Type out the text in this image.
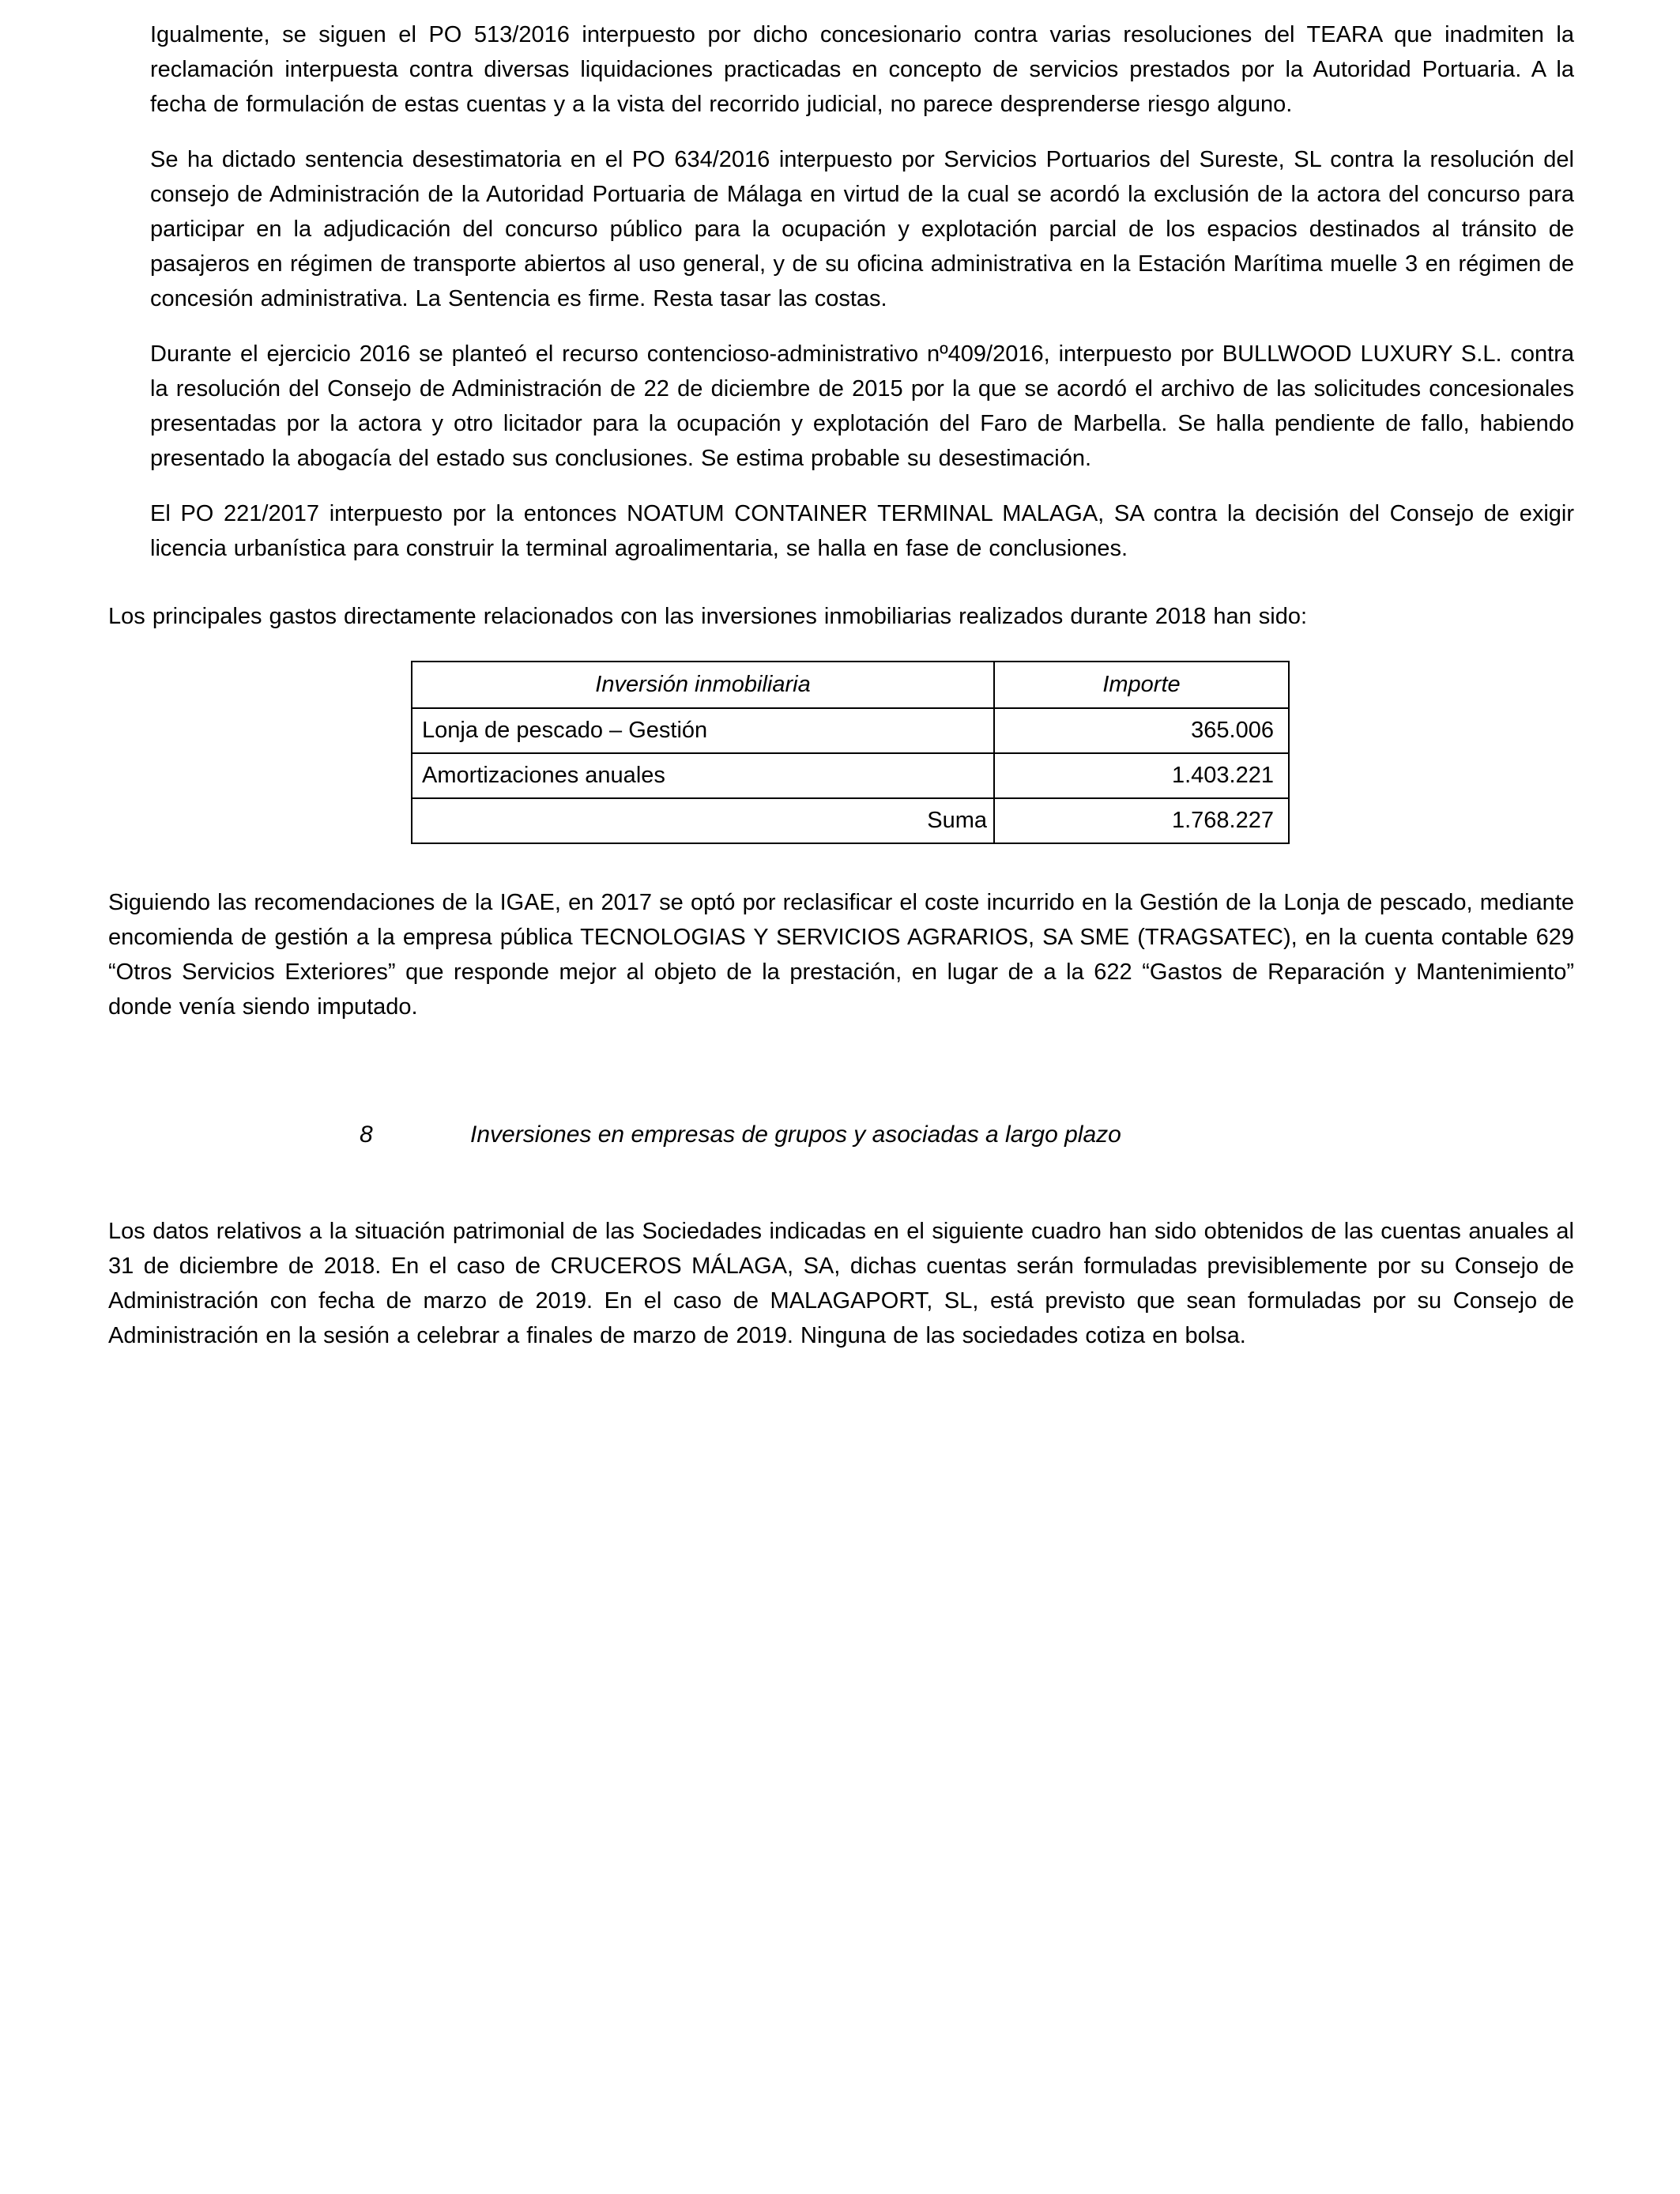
Igualmente, se siguen el PO 513/2016 interpuesto por dicho concesionario contra varias resoluciones del TEARA que inadmiten la reclamación interpuesta contra diversas liquidaciones practicadas en concepto de servicios prestados por la Autoridad Portuaria. A la fecha de formulación de estas cuentas y a la vista del recorrido judicial, no parece desprenderse riesgo alguno.

Se ha dictado sentencia desestimatoria en el PO 634/2016 interpuesto por Servicios Portuarios del Sureste, SL contra la resolución del consejo de Administración de la Autoridad Portuaria de Málaga en virtud de la cual se acordó la exclusión de la actora del concurso para participar en la adjudicación del concurso público para la ocupación y explotación parcial de los espacios destinados al tránsito de pasajeros en régimen de transporte abiertos al uso general, y de su oficina administrativa en la Estación Marítima muelle 3 en régimen de concesión administrativa. La Sentencia es firme. Resta tasar las costas.

Durante el ejercicio 2016 se planteó el recurso contencioso-administrativo nº409/2016, interpuesto por BULLWOOD LUXURY S.L. contra la resolución del Consejo de Administración de 22 de diciembre de 2015 por la que se acordó el archivo de las solicitudes concesionales presentadas por la actora y otro licitador para la ocupación y explotación del Faro de Marbella. Se halla pendiente de fallo, habiendo presentado la abogacía del estado sus conclusiones. Se estima probable su desestimación.

El PO 221/2017 interpuesto por la entonces NOATUM CONTAINER TERMINAL MALAGA, SA contra la decisión del Consejo de exigir licencia urbanística para construir la terminal agroalimentaria, se halla en fase de conclusiones.

Los principales gastos directamente relacionados con las inversiones inmobiliarias realizados durante 2018 han sido:

Inversión inmobiliaria	Importe
Lonja de pescado – Gestión	365.006
Amortizaciones anuales	1.403.221
Suma	1.768.227

Siguiendo las recomendaciones de la IGAE, en 2017 se optó por reclasificar el coste incurrido en la Gestión de la Lonja de pescado, mediante encomienda de gestión a la empresa pública TECNOLOGIAS Y SERVICIOS AGRARIOS, SA SME (TRAGSATEC), en la cuenta contable 629 “Otros Servicios Exteriores” que responde mejor al objeto de la prestación, en lugar de a la 622 “Gastos de Reparación y Mantenimiento” donde venía siendo imputado.

8	Inversiones en empresas de grupos y asociadas a largo plazo

Los datos relativos a la situación patrimonial de las Sociedades indicadas en el siguiente cuadro han sido obtenidos de las cuentas anuales al 31 de diciembre de 2018. En el caso de CRUCEROS MÁLAGA, SA, dichas cuentas serán formuladas previsiblemente por su Consejo de Administración con fecha de marzo de 2019. En el caso de MALAGAPORT, SL, está previsto que sean formuladas por su Consejo de Administración en la sesión a celebrar a finales de marzo de 2019. Ninguna de las sociedades cotiza en bolsa.
